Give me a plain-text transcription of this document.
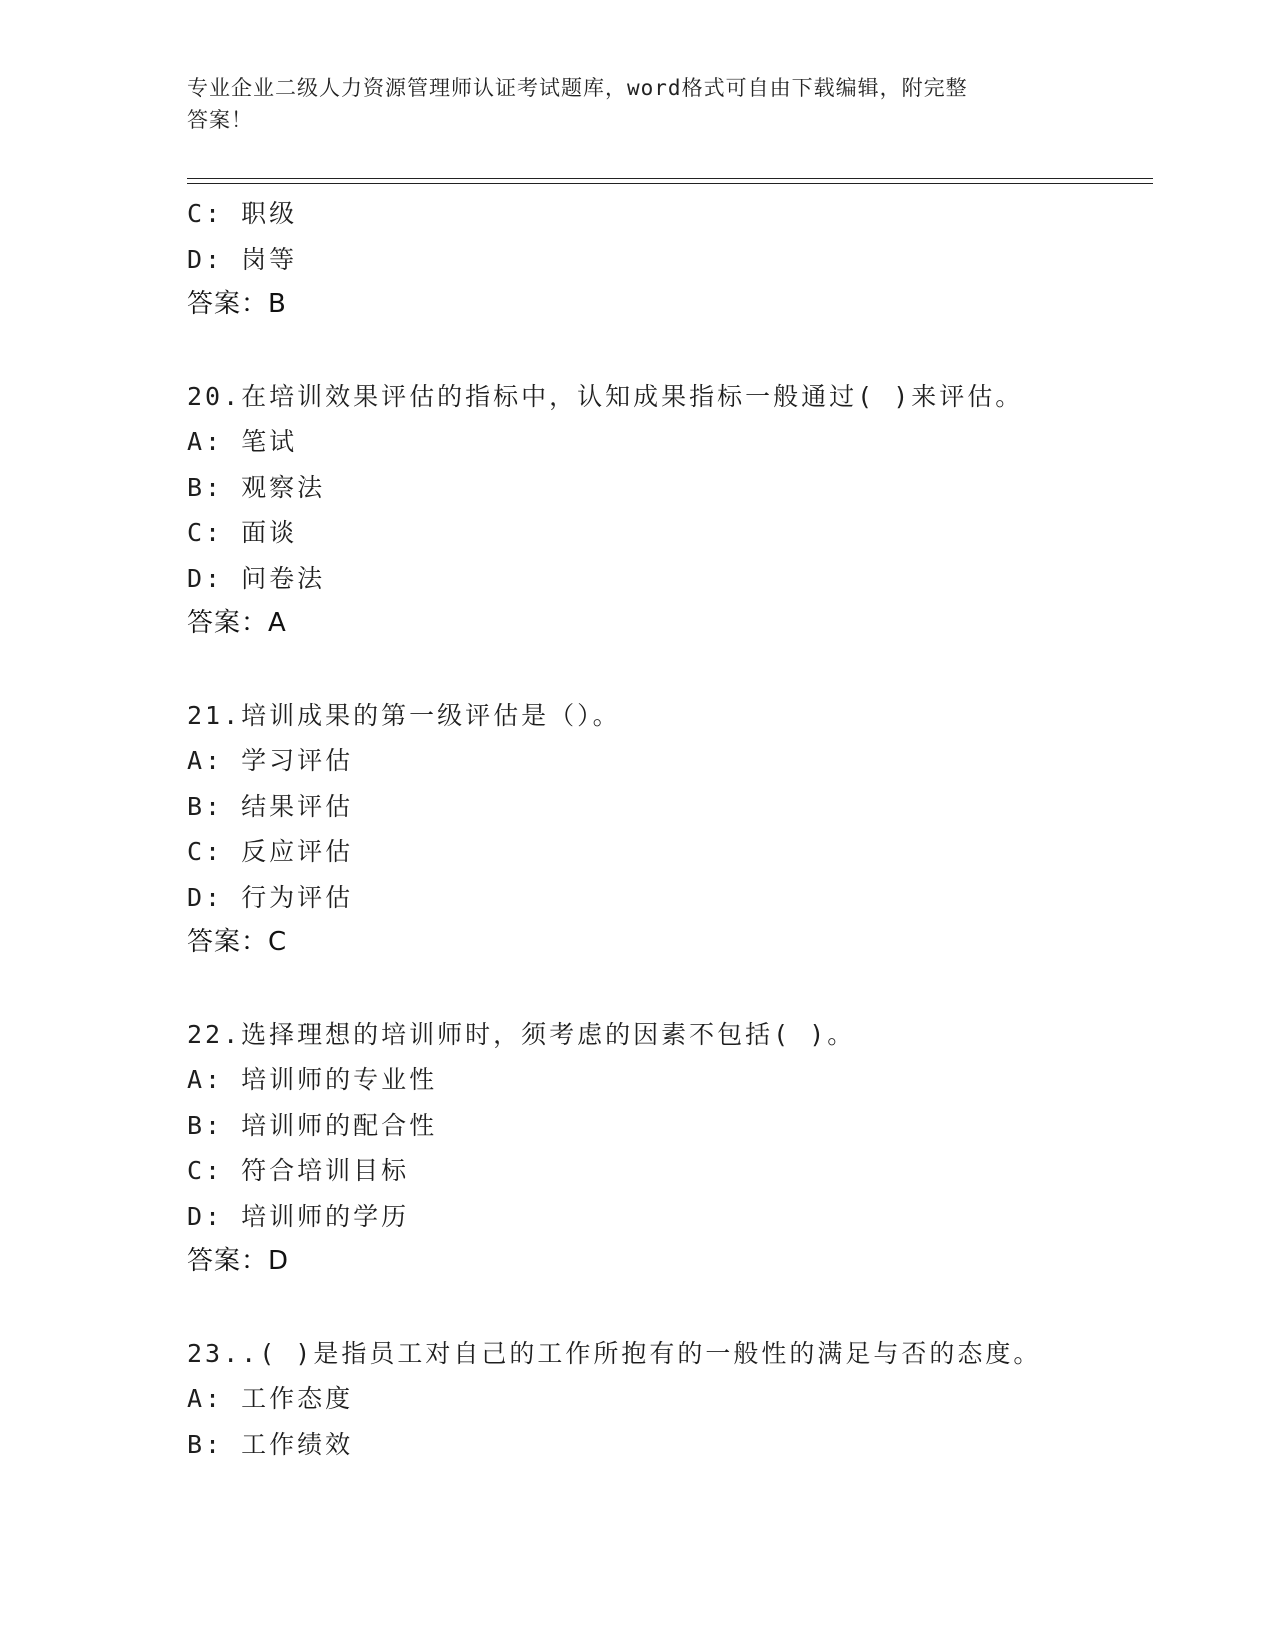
专业企业二级人力资源管理师认证考试题库，word格式可自由下载编辑，附完整
答案！
C: 职级
D: 岗等
答案：B
20.在培训效果评估的指标中，认知成果指标一般通过( )来评估。
A: 笔试
B: 观察法
C: 面谈
D: 问卷法
答案：A
21.培训成果的第一级评估是（）。
A: 学习评估
B: 结果评估
C: 反应评估
D: 行为评估
答案：C
22.选择理想的培训师时，须考虑的因素不包括( )。
A: 培训师的专业性
B: 培训师的配合性
C: 符合培训目标
D: 培训师的学历
答案：D
23..( )是指员工对自己的工作所抱有的一般性的满足与否的态度。
A: 工作态度
B: 工作绩效
